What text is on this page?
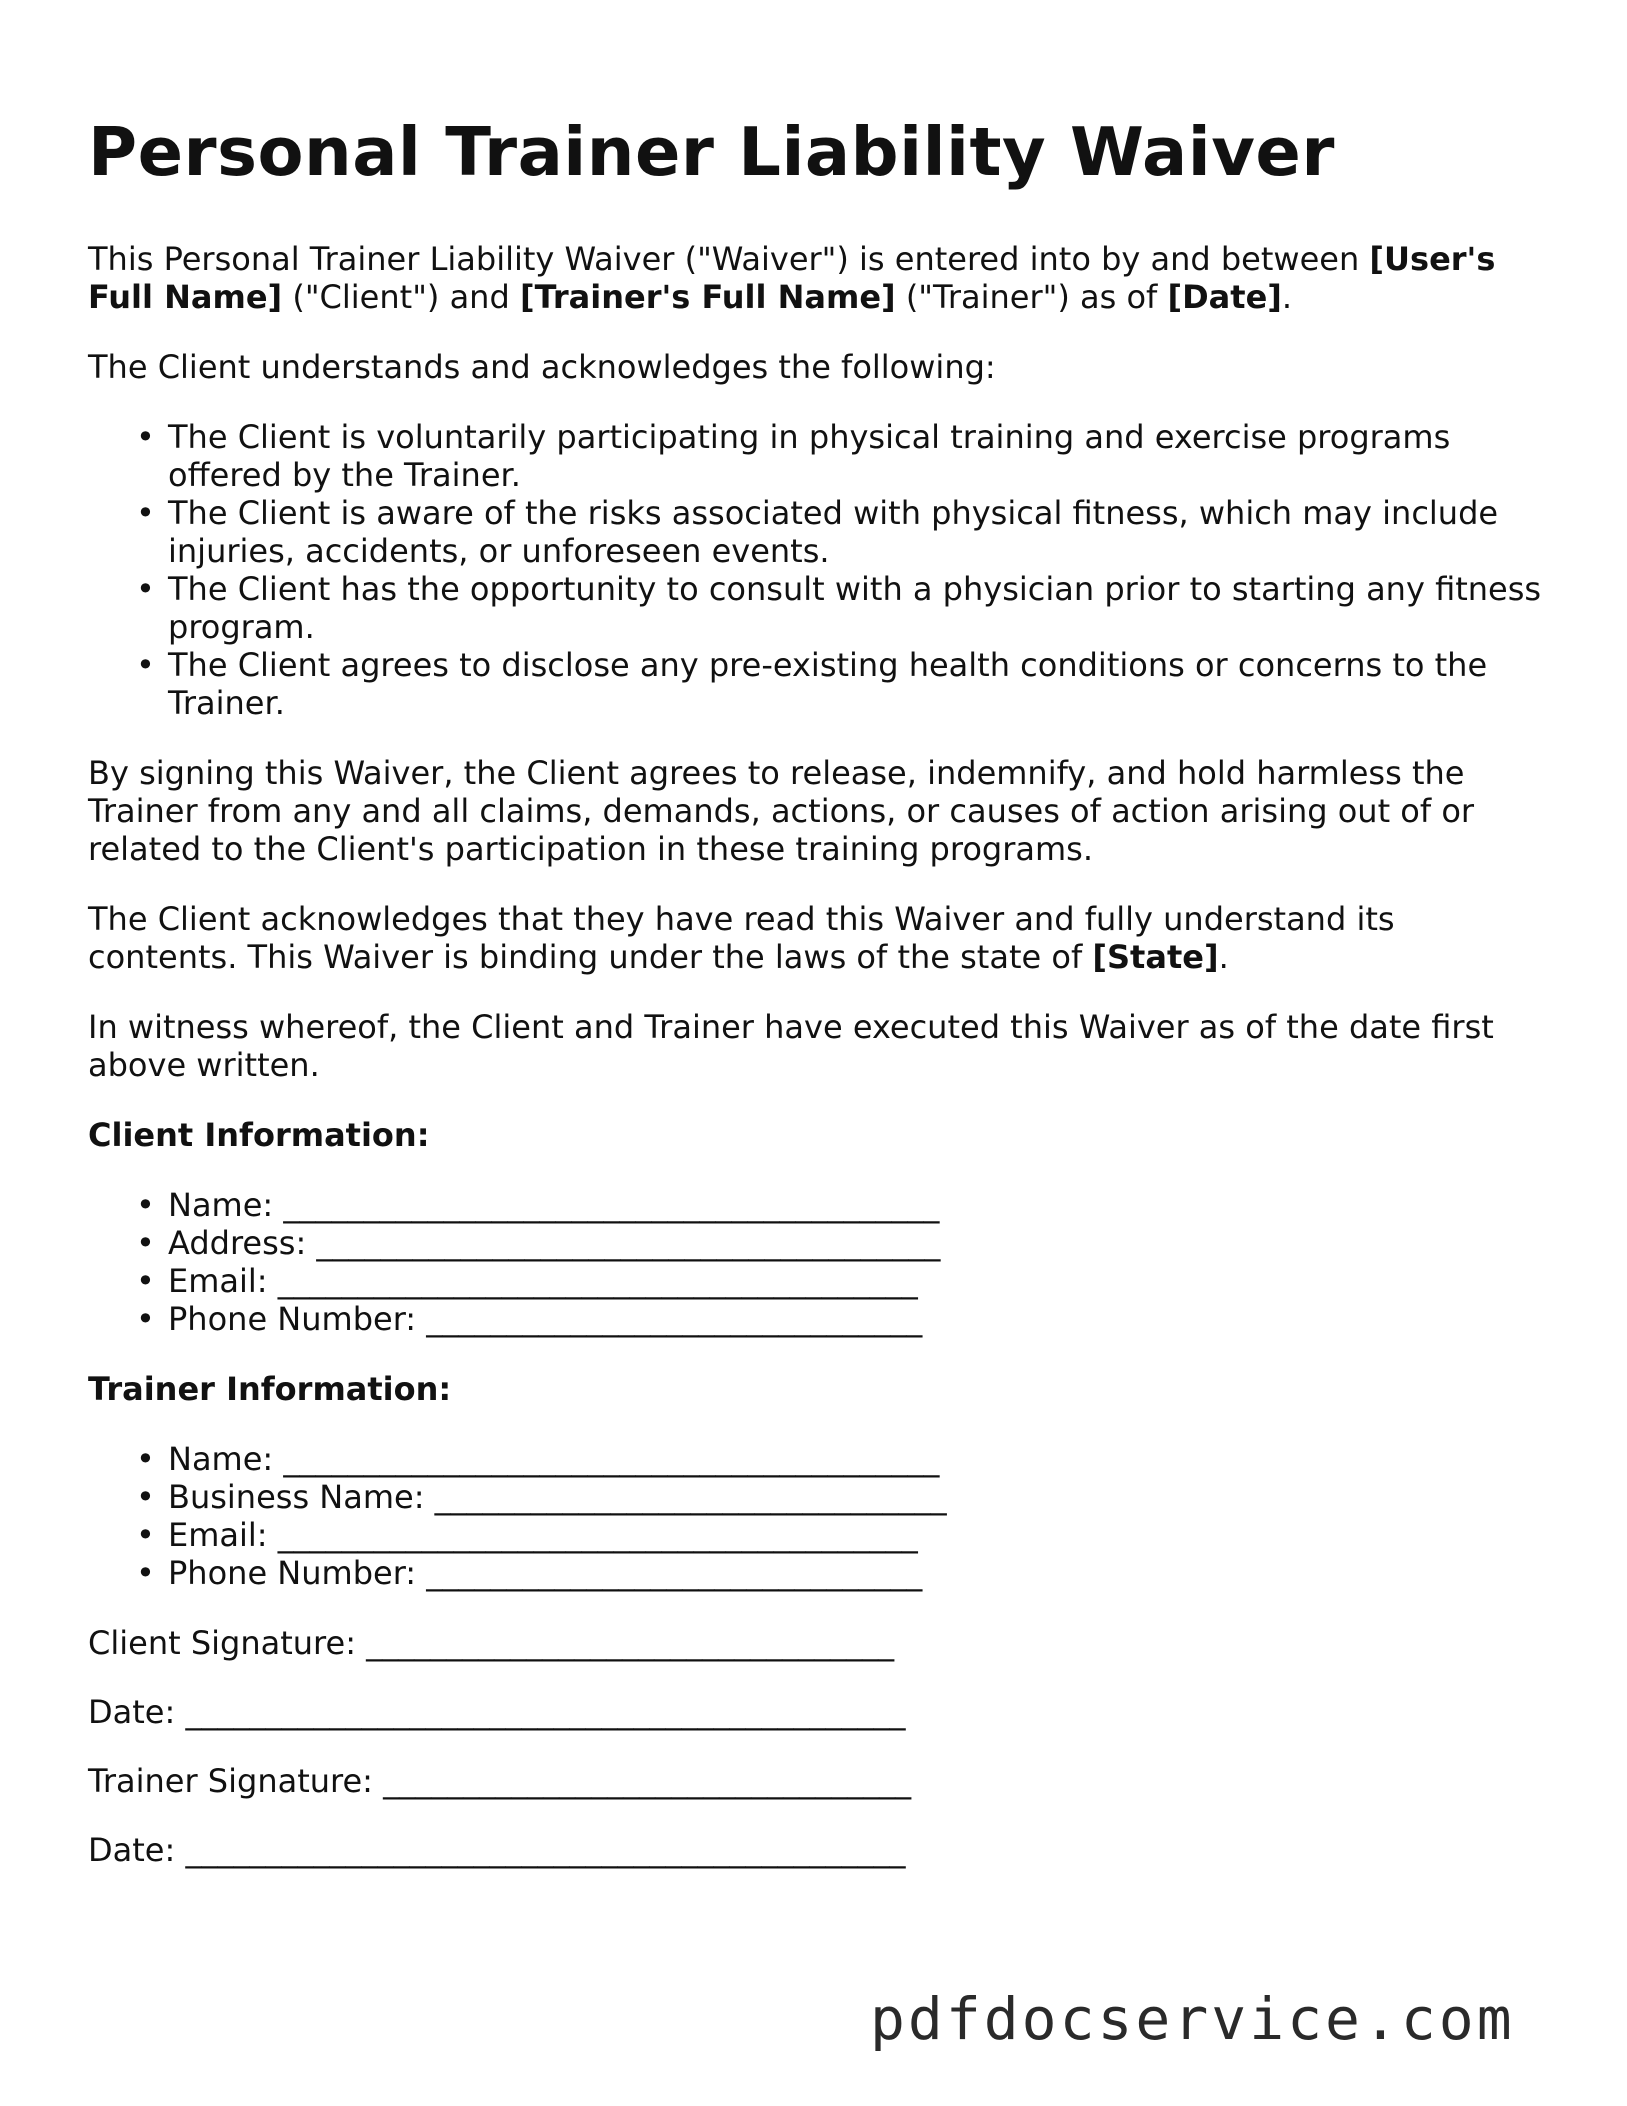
Personal Trainer Liability Waiver

This Personal Trainer Liability Waiver ("Waiver") is entered into by and between [User's Full Name] ("Client") and [Trainer's Full Name] ("Trainer") as of [Date].

The Client understands and acknowledges the following:

• The Client is voluntarily participating in physical training and exercise programs offered by the Trainer.
• The Client is aware of the risks associated with physical fitness, which may include injuries, accidents, or unforeseen events.
• The Client has the opportunity to consult with a physician prior to starting any fitness program.
• The Client agrees to disclose any pre-existing health conditions or concerns to the Trainer.

By signing this Waiver, the Client agrees to release, indemnify, and hold harmless the Trainer from any and all claims, demands, actions, or causes of action arising out of or related to the Client's participation in these training programs.

The Client acknowledges that they have read this Waiver and fully understand its contents. This Waiver is binding under the laws of the state of [State].

In witness whereof, the Client and Trainer have executed this Waiver as of the date first above written.

Client Information:
• Name: _________________________________________
• Address: _______________________________________
• Email: ________________________________________
• Phone Number: _______________________________
Trainer Information:
• Name: _________________________________________
• Business Name: ________________________________
• Email: ________________________________________
• Phone Number: _______________________________
Client Signature: _________________________________
Date: _____________________________________________
Trainer Signature: _________________________________
Date: _____________________________________________
pdfdocservice.com
